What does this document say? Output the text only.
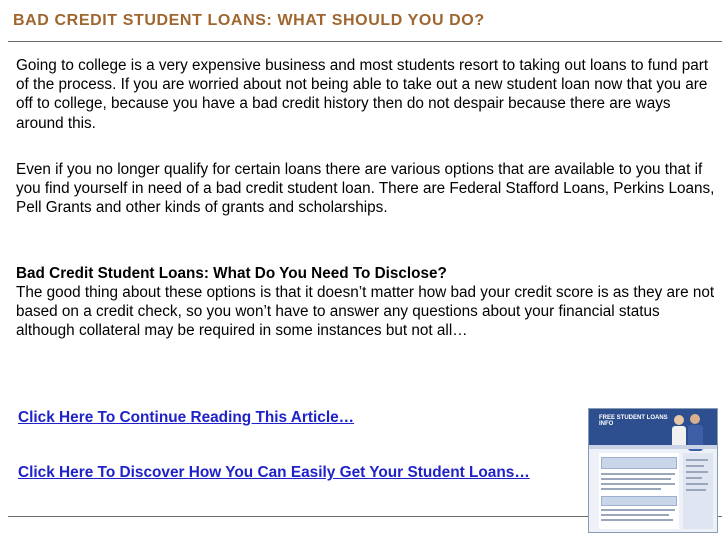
BAD CREDIT STUDENT LOANS: WHAT SHOULD YOU DO?
Going to college is a very expensive business and most students resort to taking out loans to fund part of the process. If you are worried about not being able to take out a new student loan now that you are off to college, because you have a bad credit history then do not despair because there are ways around this.
Even if you no longer qualify for certain loans there are various options that are available to you that if you find yourself in need of a bad credit student loan. There are Federal Stafford Loans, Perkins Loans, Pell Grants and other kinds of grants and scholarships.
Bad Credit Student Loans: What Do You Need To Disclose?
The good thing about these options is that it doesn’t matter how bad your credit score is as they are not based on a credit check, so you won’t have to answer any questions about your financial status although collateral may be required in some instances but not all…
Click Here To Continue Reading This Article…
Click Here To Discover How You Can Easily Get Your Student Loans…
FREE STUDENT LOANS
INFO
